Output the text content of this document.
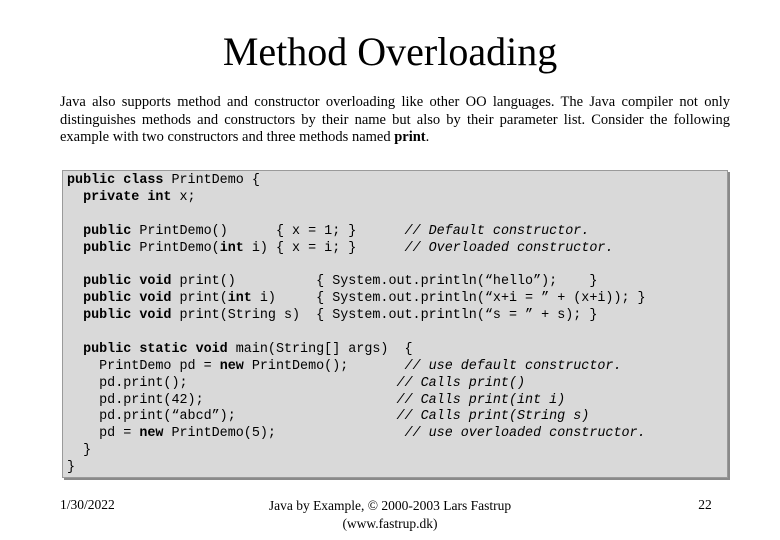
Method Overloading
Java also supports method and constructor overloading like other OO languages. The Java compiler not only distinguishes methods and constructors by their name but also by their parameter list. Consider the following example with two constructors and three methods named print.
public class PrintDemo {
private int x;

public PrintDemo()      { x = 1; }      // Default constructor.
public PrintDemo(int i) { x = i; }      // Overloaded constructor.

public void print()          { System.out.println(“hello”);    }
public void print(int i)     { System.out.println(“x+i = ” + (x+i)); }
public void print(String s)  { System.out.println(“s = ” + s); }

public static void main(String[] args)  {
PrintDemo pd = new PrintDemo();       // use default constructor.
pd.print();                          // Calls print()
pd.print(42);                        // Calls print(int i)
pd.print(“abcd”);                    // Calls print(String s)
pd = new PrintDemo(5);                // use overloaded constructor.
}
}
1/30/2022	Java by Example, © 2000-2003 Lars Fastrup
(www.fastrup.dk)
22
